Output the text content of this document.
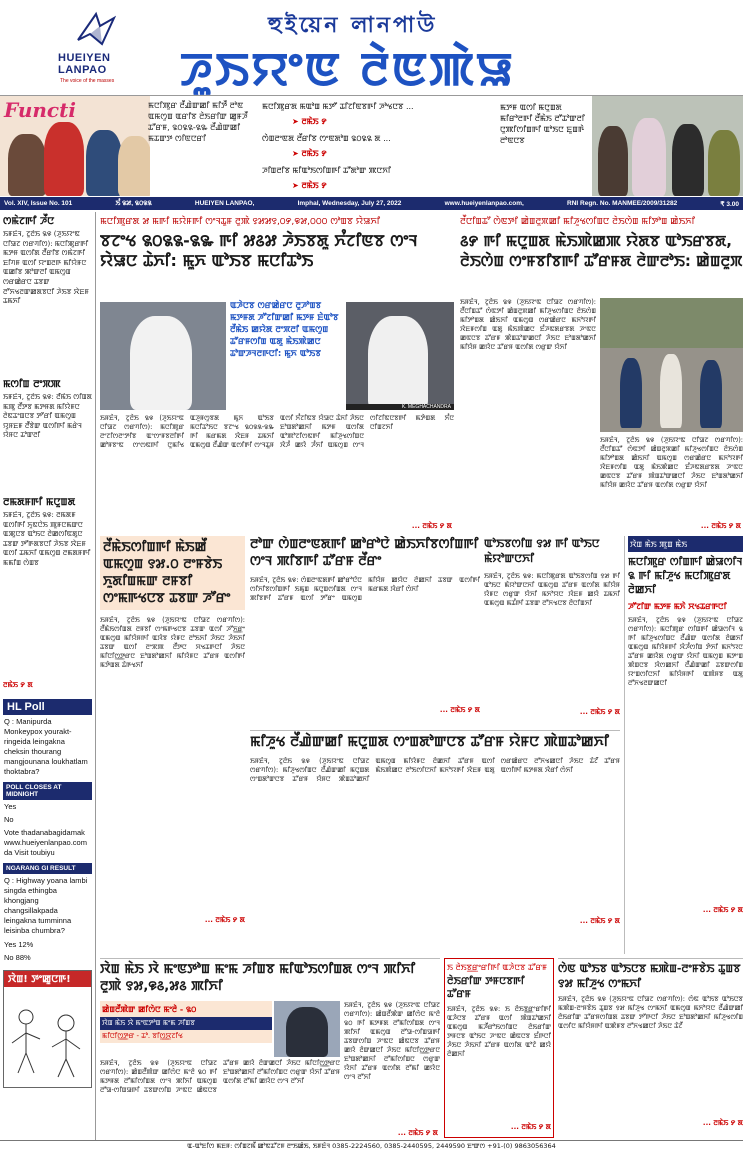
HUEIYEN
LANPAO
The voice of the masses
হুইয়েন লানপাউ
ꯍꯨꯏꯌꯦꯟ ꯂꯥꯟꯄꯥꯎ
Functi	ꯃꯅꯤꯄꯨꯔ ꯂꯩꯉꯥꯛꯀꯤ ꯃꯤꯇꯩ ꯂꯣꯟ ꯑꯃꯁꯨꯡ ꯑꯔꯤꯕ ꯂꯥꯏꯔꯤꯛ ꯀꯨꯝꯍꯩ ꯊꯧꯔꯝ, ꯲꯰꯲꯲-꯲꯳ ꯂꯩꯉꯥꯛꯀꯤ ꯃꯊꯛꯇ ꯁꯤꯟꯅꯔꯤ
ꯃꯅꯤꯄꯨꯔꯗ ꯃꯑꯣꯡ ꯃꯇꯧ ꯊꯤꯖꯤꯟꯕꯒꯤ ꯍꯣꯠꯅꯕ ...
➤ ꯂꯃꯥꯏ ꯸
ꯁꯥꯡꯂꯦꯟꯗ ꯂꯩꯔꯤꯕ ꯁꯦꯟꯗꯣꯡ ꯲꯰꯲꯲ ꯗ ...
➤ ꯂꯃꯥꯏ ꯸
ꯍꯤꯡꯂꯤꯕ ꯃꯤꯑꯣꯏꯁꯤꯡꯒꯤ ꯊꯧꯗꯣꯛ ꯄꯅꯈꯤ
➤ ꯂꯃꯥꯏ ꯸
ꯃꯇꯝ ꯑꯁꯤ ꯃꯅꯨꯡꯗ ꯃꯤꯔꯣꯂꯒꯤ ꯂꯩꯃꯥꯏ ꯂꯧꯊꯣꯛꯂꯤ ꯅꯨꯄꯤꯁꯤꯡꯒꯤ ꯑꯣꯏꯅ ꯐꯨꯡꯒꯥ ꯂꯣꯟꯅꯕ
Vol. XIV, Issue No. 101	ꯏꯪ ꯲꯷, ꯲꯰꯲꯲	HUEIYEN LANPAO,	Imphal, Wednesday, July 27, 2022	www.hueiyenlanpao.com,	RNI Regn. No. MANMEE/2009/31282	₹ 3.00
ꯁꯃꯥꯖꯒꯤ ꯍꯩꯅ
ꯏꯝꯐꯥꯜ, ꯖꯨꯂꯥꯏ ꯲꯶ (ꯍꯨꯏꯌꯦꯟ ꯅꯤꯎꯖ ꯁꯔꯚꯤꯁ): ꯃꯅꯤꯄꯨꯔꯒꯤ ꯃꯇꯝ ꯑꯁꯤꯗ ꯂꯩꯔꯤꯕ ꯁꯃꯥꯖꯒꯤ ꯐꯤꯚꯝ ꯑꯁꯤ ꯌꯦꯡꯂꯒ ꯃꯤꯌꯥꯝꯅ ꯑꯀꯤꯕ ꯄꯣꯛꯂꯤ ꯑꯃꯁꯨꯡ ꯁꯔꯀꯥꯔꯅ ꯊꯕꯛ ꯂꯧꯈꯠꯂꯛꯀꯗꯕꯅꯤ ꯍꯥꯏꯕ ꯋꯥꯐꯝ ꯊꯃꯈꯤ
ꯃꯁꯤꯡ ꯂꯦꯞꯄ
ꯏꯝꯐꯥꯜ, ꯖꯨꯂꯥꯏ ꯲꯶: ꯂꯩꯃꯥꯏ ꯁꯤꯡꯗ ꯃꯄꯨ ꯂꯩꯇꯕ ꯃꯇꯝꯗ ꯃꯤꯌꯥꯝꯅ ꯂꯥꯟꯊꯦꯡꯅꯕ ꯇꯧꯔꯤ ꯑꯃꯁꯨꯡ ꯌꯨꯝꯐꯝ ꯂꯩꯕꯥꯛ ꯑꯁꯤꯒꯤ ꯃꯔꯥꯜ ꯌꯥꯝꯅ ꯊꯣꯛꯂꯤ
ꯂꯃꯗꯝꯒꯤ ꯃꯅꯨꯡꯗ
ꯏꯝꯐꯥꯜ, ꯖꯨꯂꯥꯏ ꯲꯶: ꯂꯃꯗꯝ ꯑꯁꯤꯒꯤ ꯈꯨꯟꯅꯥꯏ ꯄꯨꯝꯅꯃꯛꯅ ꯑꯄꯨꯅꯕ ꯑꯣꯏꯅ ꯂꯥꯀꯁꯤꯟꯗꯨꯅ ꯊꯕꯛ ꯇꯧꯒꯗꯕꯅꯤ ꯍꯥꯏꯕ ꯋꯥꯐꯝ ꯑꯁꯤ ꯊꯃꯈꯤ ꯑꯃꯁꯨꯡ ꯂꯃꯗꯝꯒꯤ ꯃꯃꯤꯡ ꯁꯥꯡꯕ
ꯂꯃꯥꯏ ꯸ ꯗ
HL Poll
Q : Manipurda Monkeypox yourakt-ringeida leingakna cheksin thourang mangjounana loukhatlam thoktabra?
POLL CLOSES AT MIDNIGHT
Yes
No
Vote thadanabagidamak www.hueiyenlanpao.com da Visit toubiyu
NGARANG GI RESULT
Q : Highway yoana lambi singda ethingba khongjang changsillakpada leingakna tumminna leisinba chumbra?
Yes 12%
No 88%
ꯋꯥꯡ! ꯇꯦꯀꯨꯅꯒ!
ꯃꯅꯤꯄꯨꯔꯗ ꯷ ꯃꯒꯤ ꯃꯌꯥꯝꯒꯤ ꯁꯦꯜꯊꯨꯝ ꯂꯨꯄꯥ ꯱꯷꯷꯱,꯰꯸,꯶꯷,꯰꯰꯰ ꯁꯣꯡꯕ ꯌꯥꯎꯈꯤ
ꯕꯖꯦꯠ ꯲꯰꯲꯲-꯲꯳ ꯒꯤ ꯷꯴꯷ ꯍꯥꯏꯕꯗꯨ ꯈꯪꯖꯤꯟꯕ ꯁꯦꯜ ꯌꯥꯎꯅ ꯊꯥꯈꯤ: ꯃꯨꯈ ꯑꯣꯏꯕ ꯃꯅꯤꯊꯣꯏ
ꯑꯍꯥꯅꯕ ꯁꯔꯀꯥꯔꯅ ꯂꯨꯍꯣꯡꯕ ꯃꯇꯝꯗ ꯍꯧꯖꯤꯛꯀꯤ ꯃꯇꯝ ꯐꯥꯑꯣꯕ ꯂꯩꯃꯥꯏ ꯀꯌꯥꯗ ꯂꯦꯞꯂꯤ ꯑꯃꯁꯨꯡ ꯊꯧꯔꯝꯁꯤꯡ ꯑꯗꯨ ꯃꯥꯏꯄꯥꯀꯅ ꯊꯣꯛꯍꯜꯂꯒꯅꯤ: ꯃꯨꯈ ꯑꯣꯏꯕ
K. MEGHACHANDRA
ꯏꯝꯐꯥꯜ, ꯖꯨꯂꯥꯏ ꯲꯶ (ꯍꯨꯏꯌꯦꯟ ꯅꯤꯎꯖ ꯁꯔꯚꯤꯁ): ꯃꯅꯤꯄꯨꯔ ꯂꯦꯖꯤꯁꯂꯦꯇꯤꯕ ꯑꯦꯁꯦꯝꯕꯂꯤꯒꯤ ꯀꯣꯝꯕꯦꯟ ꯁꯦꯁꯟꯒꯤ ꯅꯨꯃꯤꯠ ꯑꯍꯨꯝꯁꯨꯕꯗ ꯃꯨꯈ ꯑꯣꯏꯕ ꯃꯅꯤꯊꯣꯏꯅ ꯕꯖꯦꯠ ꯲꯰꯲꯲-꯲꯳ ꯒꯤ ꯃꯔꯃꯗ ꯋꯥꯐꯝ ꯊꯃꯈꯤ ꯑꯃꯁꯨꯡ ꯂꯩꯉꯥꯛ ꯑꯁꯤꯒꯤ ꯁꯦꯜꯊꯨꯝ ꯑꯁꯤ ꯈꯪꯖꯤꯟꯕ ꯌꯥꯎꯅ ꯊꯥꯈꯤ ꯍꯥꯏꯅ ꯐꯣꯡꯗꯣꯀꯈꯤ ꯃꯇꯝ ꯑꯁꯤꯗ ꯑꯣꯄꯣꯖꯤꯁꯟꯒꯤ ꯃꯤꯍꯨꯠꯁꯤꯡꯅ ꯋꯥꯍꯪ ꯀꯌꯥ ꯍꯪꯈꯤ ꯑꯃꯁꯨꯡ ꯁꯦꯜ ꯁꯤꯖꯤꯟꯅꯕꯒꯤ ꯃꯇꯥꯡꯗ ꯈꯪꯅ ꯅꯤꯡꯖꯈꯤ
... ꯂꯃꯥꯏ ꯸ ꯗ
ꯂꯩꯅꯤꯡꯊꯧ ꯁꯥꯟꯇꯤ ꯀꯥꯡꯂꯨꯞꯀꯤ ꯃꯤꯍꯨꯠꯁꯤꯡꯅ ꯂꯥꯏꯁꯥꯡ ꯃꯤꯇꯣꯡ ꯀꯥꯏꯈꯤ
꯴꯸ ꯒꯤ ꯃꯅꯨꯡꯗ ꯃꯥꯏꯄꯥꯀꯄ ꯌꯥꯗꯕ ꯑꯣꯏꯔꯕꯗ, ꯂꯥꯏꯁꯥꯡ ꯁꯦꯝꯕꯤꯕꯒꯤ ꯊꯧꯔꯝꯗ ꯂꯥꯛꯂꯣꯏ: ꯀꯥꯡꯂꯨꯞ
ꯏꯝꯐꯥꯜ, ꯖꯨꯂꯥꯏ ꯲꯶ (ꯍꯨꯏꯌꯦꯟ ꯅꯤꯎꯖ ꯁꯔꯚꯤꯁ): ꯂꯩꯅꯤꯡꯊꯧ ꯁꯥꯟꯇꯤ ꯀꯥꯡꯂꯨꯞꯀꯤ ꯃꯤꯍꯨꯠꯁꯤꯡꯅ ꯂꯥꯏꯁꯥꯡ ꯃꯤꯇꯣꯡꯗ ꯀꯥꯏꯈꯤ ꯑꯃꯁꯨꯡ ꯁꯔꯀꯥꯔꯅ ꯃꯈꯣꯌꯒꯤ ꯋꯥꯐꯝꯁꯤꯡ ꯑꯗꯨ ꯃꯥꯏꯄꯥꯀꯅ ꯐꯪꯍꯟꯗꯔꯕꯗ ꯍꯦꯟꯅ ꯀꯟꯅꯕ ꯊꯧꯔꯝ ꯄꯥꯡꯊꯣꯛꯀꯅꯤ ꯍꯥꯏꯅ ꯐꯣꯡꯗꯣꯀꯈꯤ ꯃꯤꯌꯥꯝ ꯀꯌꯥꯅ ꯊꯧꯔꯝ ꯑꯁꯤꯗ ꯁꯔꯨꯛ ꯌꯥꯈꯤ
ꯏꯝꯐꯥꯜ, ꯖꯨꯂꯥꯏ ꯲꯶ (ꯍꯨꯏꯌꯦꯟ ꯅꯤꯎꯖ ꯁꯔꯚꯤꯁ): ꯂꯩꯅꯤꯡꯊꯧ ꯁꯥꯟꯇꯤ ꯀꯥꯡꯂꯨꯞꯀꯤ ꯃꯤꯍꯨꯠꯁꯤꯡꯅ ꯂꯥꯏꯁꯥꯡ ꯃꯤꯇꯣꯡꯗ ꯀꯥꯏꯈꯤ ꯑꯃꯁꯨꯡ ꯁꯔꯀꯥꯔꯅ ꯃꯈꯣꯌꯒꯤ ꯋꯥꯐꯝꯁꯤꯡ ꯑꯗꯨ ꯃꯥꯏꯄꯥꯀꯅ ꯐꯪꯍꯟꯗꯔꯕꯗ ꯍꯦꯟꯅ ꯀꯟꯅꯕ ꯊꯧꯔꯝ ꯄꯥꯡꯊꯣꯛꯀꯅꯤ ꯍꯥꯏꯅ ꯐꯣꯡꯗꯣꯀꯈꯤ ꯃꯤꯌꯥꯝ ꯀꯌꯥꯅ ꯊꯧꯔꯝ ꯑꯁꯤꯗ ꯁꯔꯨꯛ ꯌꯥꯈꯤ
... ꯂꯃꯥꯏ ꯸ ꯗ
ꯂꯩꯃꯥꯏꯁꯤꯡꯒꯤ ꯃꯥꯏꯀꯩ ꯑꯃꯁꯨꯡ ꯱꯷.꯰ ꯂꯦꯝꯕꯥꯏ ꯈꯨꯗꯤꯡꯃꯛ ꯂꯝꯕꯤ ꯁꯦꯃꯒꯠꯅꯕ ꯊꯕꯛ ꯍꯧꯔꯦ
ꯏꯝꯐꯥꯜ, ꯖꯨꯂꯥꯏ ꯲꯶ (ꯍꯨꯏꯌꯦꯟ ꯅꯤꯎꯖ ꯁꯔꯚꯤꯁ): ꯂꯩꯃꯥꯏꯁꯤꯡꯗ ꯂꯝꯕꯤ ꯁꯦꯃꯒꯠꯅꯕ ꯊꯕꯛ ꯑꯁꯤ ꯍꯧꯈ꯭ꯔꯦ ꯑꯃꯁꯨꯡ ꯃꯤꯌꯥꯝꯒꯤ ꯑꯋꯥꯕ ꯌꯥꯝꯅ ꯂꯣꯏꯈꯤ ꯍꯥꯏꯅ ꯍꯥꯏꯈꯤ ꯊꯕꯛ ꯑꯁꯤ ꯂꯦꯞꯄ ꯂꯩꯇꯅ ꯆꯠꯊꯒꯅꯤ ꯍꯥꯏꯅ ꯃꯤꯅꯤꯁ꯭ꯇꯔꯅ ꯐꯣꯡꯗꯣꯀꯈꯤ ꯃꯤꯌꯥꯝꯅ ꯊꯧꯔꯝ ꯑꯁꯤꯒꯤ ꯃꯇꯥꯡꯗ ꯊꯥꯒꯠꯈꯤ
... ꯂꯃꯥꯏ ꯸ ꯗ
ꯂꯣꯛ ꯁꯥꯡꯂꯦꯟꯗꯒꯤ ꯀꯣꯔꯣꯅꯥ ꯀꯥꯏꯈꯤꯕꯁꯤꯡꯒꯤ ꯁꯦꯜ ꯄꯤꯕꯒꯤ ꯊꯧꯔꯝ ꯂꯩꯔꯦ
ꯏꯝꯐꯥꯜ, ꯖꯨꯂꯥꯏ ꯲꯶: ꯁꯥꯡꯂꯦꯟꯗꯒꯤ ꯀꯣꯔꯣꯅꯥꯅ ꯁꯤꯈꯤꯕꯁꯤꯡꯒꯤ ꯏꯃꯨꯡ ꯃꯅꯨꯡꯁꯤꯡꯗ ꯁꯦꯜ ꯄꯤꯕꯒꯤ ꯊꯧꯔꯝ ꯑꯁꯤ ꯇꯧꯔꯦ ꯑꯃꯁꯨꯡ ꯃꯤꯌꯥꯝ ꯀꯌꯥꯅ ꯂꯥꯀꯈꯤ ꯊꯕꯛ ꯑꯁꯤꯒꯤ ꯃꯔꯃꯗ ꯋꯥꯔꯤ ꯁꯥꯈꯤ
... ꯂꯃꯥꯏ ꯸ ꯗ
ꯑꯣꯏꯕꯁꯤꯡ ꯱꯷ ꯒꯤ ꯑꯣꯏꯅ ꯃꯥꯌꯣꯛꯅꯈꯤ
ꯏꯝꯐꯥꯜ, ꯖꯨꯂꯥꯏ ꯲꯶: ꯃꯅꯤꯄꯨꯔꯗ ꯑꯣꯏꯕꯁꯤꯡ ꯱꯷ ꯒꯤ ꯑꯣꯏꯅ ꯃꯥꯌꯣꯛꯅꯈꯤ ꯑꯃꯁꯨꯡ ꯊꯧꯔꯝ ꯑꯁꯤꯗ ꯃꯤꯌꯥꯝ ꯌꯥꯝꯅ ꯁꯔꯨꯛ ꯌꯥꯈꯤ ꯃꯈꯣꯌꯅ ꯋꯥꯐꯝ ꯀꯌꯥ ꯊꯃꯈꯤ ꯑꯃꯁꯨꯡ ꯃꯊꯪꯒꯤ ꯊꯕꯛ ꯂꯧꯈꯠꯅꯕ ꯂꯥꯅꯤꯡꯈꯤ
... ꯂꯃꯥꯏ ꯸ ꯗ
ꯋꯥꯡ ꯃꯥꯏ ꯄꯨꯡ ꯃꯥꯏ
ꯃꯅꯤꯄꯨꯔ ꯁꯤꯡꯒꯤ ꯀꯥꯎꯁꯤꯜ ꯲ ꯒꯤ ꯃꯤꯍꯨꯠ ꯃꯅꯤꯄꯨꯔꯗ ꯂꯥꯀꯈꯤ
ꯍꯧꯖꯤꯛ ꯃꯇꯝ ꯃꯈꯥ ꯆꯠꯊꯔꯒꯅꯤ
ꯏꯝꯐꯥꯜ, ꯖꯨꯂꯥꯏ ꯲꯶ (ꯍꯨꯏꯌꯦꯟ ꯅꯤꯎꯖ ꯁꯔꯚꯤꯁ): ꯃꯅꯤꯄꯨꯔ ꯁꯤꯡꯒꯤ ꯀꯥꯎꯁꯤꯜ ꯲ ꯒꯤ ꯃꯤꯍꯨꯠꯁꯤꯡꯅ ꯂꯩꯉꯥꯛ ꯑꯁꯤꯗ ꯂꯥꯀꯈꯤ ꯑꯃꯁꯨꯡ ꯃꯤꯌꯥꯝꯒꯤ ꯋꯥꯍꯪꯁꯤꯡ ꯇꯥꯈꯤ ꯃꯈꯣꯌꯅ ꯊꯧꯔꯝ ꯀꯌꯥꯗ ꯁꯔꯨꯛ ꯌꯥꯈꯤ ꯑꯃꯁꯨꯡ ꯃꯇꯦꯡ ꯄꯥꯡꯅꯕ ꯋꯥꯁꯀꯈꯤ ꯂꯩꯉꯥꯛꯀꯤ ꯊꯕꯛꯁꯤꯡ ꯌꯦꯡꯁꯤꯅꯈꯤ ꯃꯤꯌꯥꯝꯒꯤ ꯑꯄꯥꯝꯕ ꯑꯗꯨ ꯂꯧꯈꯠꯂꯛꯀꯅꯤ
... ꯂꯃꯥꯏ ꯸ ꯗ
ꯃꯤꯍꯨꯠ ꯂꯩꯉꯥꯛꯀꯤ ꯃꯅꯨꯡꯗ ꯁꯦꯡꯗꯣꯛꯅꯕ ꯊꯧꯔꯝ ꯌꯥꯝꯅ ꯄꯥꯡꯊꯣꯀꯈꯤ
ꯏꯝꯐꯥꯜ, ꯖꯨꯂꯥꯏ ꯲꯶ (ꯍꯨꯏꯌꯦꯟ ꯅꯤꯎꯖ ꯁꯔꯚꯤꯁ): ꯃꯤꯍꯨꯠꯁꯤꯡꯅ ꯂꯩꯉꯥꯛꯀꯤ ꯃꯅꯨꯡꯗ ꯁꯦꯡꯗꯣꯛꯅꯕ ꯊꯧꯔꯝ ꯌꯥꯝꯅ ꯄꯥꯡꯊꯣꯀꯈꯤ ꯑꯃꯁꯨꯡ ꯃꯤꯌꯥꯝꯅ ꯂꯥꯀꯈꯤ ꯊꯧꯔꯝ ꯑꯁꯤ ꯃꯥꯏꯄꯥꯀꯅ ꯂꯣꯏꯁꯤꯅꯈꯤ ꯃꯈꯣꯌꯒꯤ ꯋꯥꯐꯝ ꯑꯗꯨ ꯁꯔꯀꯥꯔꯅ ꯂꯧꯈꯠꯀꯅꯤ ꯍꯥꯏꯅ ꯊꯥꯖꯩ ꯊꯧꯔꯝ ꯑꯁꯤꯒꯤ ꯃꯇꯝꯗ ꯋꯥꯔꯤ ꯁꯥꯈꯤ
... ꯂꯃꯥꯏ ꯸ ꯗ
ꯋꯥꯡ ꯃꯥꯏ ꯋꯥ ꯃꯦꯟꯇꯣꯡ ꯃꯦꯃ ꯍꯤꯡꯕ ꯃꯤꯑꯣꯏꯁꯤꯡꯗ ꯁꯦꯜ ꯄꯤꯈꯤ ꯂꯨꯄꯥ ꯱꯷,꯶꯴,꯷꯴ ꯄꯤꯈꯤ
ꯀꯥꯡꯂꯩꯄꯥꯛ ꯀꯤꯁꯥꯅ ꯃꯦꯂꯥ - ꯲꯰
ꯋꯥꯡ ꯃꯥꯏ ꯋꯥ ꯃꯦꯟꯇꯣꯡ ꯃꯦꯃ ꯍꯤꯡꯕ
ꯃꯤꯅꯤꯁ꯭ꯇꯔ - ꯊꯣ. ꯕꯤꯁ꯭ꯋꯖꯤꯠ
ꯏꯝꯐꯥꯜ, ꯖꯨꯂꯥꯏ ꯲꯶ (ꯍꯨꯏꯌꯦꯟ ꯅꯤꯎꯖ ꯁꯔꯚꯤꯁ): ꯀꯥꯡꯂꯩꯄꯥꯛ ꯀꯤꯁꯥꯅ ꯃꯦꯂꯥ ꯲꯰ ꯒꯤ ꯃꯇꯝꯗ ꯂꯧꯃꯤꯁꯤꯡꯗ ꯁꯦꯜ ꯄꯤꯈꯤ ꯑꯃꯁꯨꯡ ꯂꯧꯎ-ꯁꯤꯡꯎꯒꯤ ꯊꯕꯛꯁꯤꯡ ꯍꯦꯟꯅ ꯀꯥꯟꯅꯕ ꯊꯧꯔꯝ ꯀꯌꯥ ꯂꯥꯛꯀꯅꯤ ꯍꯥꯏꯅ ꯃꯤꯅꯤꯁ꯭ꯇꯔꯅ ꯐꯣꯡꯗꯣꯀꯈꯤ ꯂꯧꯃꯤꯁꯤꯡꯅ ꯁꯔꯨꯛ ꯌꯥꯈꯤ ꯊꯧꯔꯝ ꯑꯁꯤꯗ ꯂꯧꯃꯤ ꯀꯌꯥꯅ ꯁꯦꯜ ꯂꯧꯈꯤ
ꯏꯝꯐꯥꯜ, ꯖꯨꯂꯥꯏ ꯲꯶ (ꯍꯨꯏꯌꯦꯟ ꯅꯤꯎꯖ ꯁꯔꯚꯤꯁ): ꯀꯥꯡꯂꯩꯄꯥꯛ ꯀꯤꯁꯥꯅ ꯃꯦꯂꯥ ꯲꯰ ꯒꯤ ꯃꯇꯝꯗ ꯂꯧꯃꯤꯁꯤꯡꯗ ꯁꯦꯜ ꯄꯤꯈꯤ ꯑꯃꯁꯨꯡ ꯂꯧꯎ-ꯁꯤꯡꯎꯒꯤ ꯊꯕꯛꯁꯤꯡ ꯍꯦꯟꯅ ꯀꯥꯟꯅꯕ ꯊꯧꯔꯝ ꯀꯌꯥ ꯂꯥꯛꯀꯅꯤ ꯍꯥꯏꯅ ꯃꯤꯅꯤꯁ꯭ꯇꯔꯅ ꯐꯣꯡꯗꯣꯀꯈꯤ ꯂꯧꯃꯤꯁꯤꯡꯅ ꯁꯔꯨꯛ ꯌꯥꯈꯤ ꯊꯧꯔꯝ ꯑꯁꯤꯗ ꯂꯧꯃꯤ ꯀꯌꯥꯅ ꯁꯦꯜ ꯂꯧꯈꯤ
... ꯂꯃꯥꯏ ꯸ ꯗ
ꯏ ꯂꯥꯏꯕ꯭ꯔꯦꯔꯤꯒꯤ ꯑꯍꯥꯅꯕ ꯊꯧꯔꯝ
ꯂꯥꯏꯔꯤꯛ ꯇꯝꯅꯕꯒꯤ ꯊꯧꯔꯝ
ꯏꯝꯐꯥꯜ, ꯖꯨꯂꯥꯏ ꯲꯶: ꯏ ꯂꯥꯏꯕ꯭ꯔꯦꯔꯤꯒꯤ ꯑꯍꯥꯅꯕ ꯊꯧꯔꯝ ꯑꯁꯤ ꯄꯥꯡꯊꯣꯀꯈꯤ ꯑꯃꯁꯨꯡ ꯃꯍꯩꯔꯣꯏꯁꯤꯡꯅ ꯂꯥꯏꯔꯤꯛ ꯇꯝꯅꯕ ꯑꯣꯏꯅ ꯍꯦꯟꯅ ꯀꯥꯟꯅꯕ ꯐꯪꯒꯅꯤ ꯍꯥꯏꯅ ꯍꯥꯏꯈꯤ ꯊꯧꯔꯝ ꯑꯁꯤꯗ ꯑꯣꯖꯥ ꯀꯌꯥ ꯂꯥꯀꯈꯤ
... ꯂꯃꯥꯏ ꯸ ꯗ
ꯁꯥꯟ ꯑꯣꯏꯕ ꯑꯣꯏꯅꯕ ꯃꯄꯥꯡ-ꯂꯦꯝꯕꯥꯏ ꯊꯨꯡꯕ ꯱꯷ ꯃꯤꯍꯨꯠ ꯁꯦꯃꯈꯤ
ꯏꯝꯐꯥꯜ, ꯖꯨꯂꯥꯏ ꯲꯶ (ꯍꯨꯏꯌꯦꯟ ꯅꯤꯎꯖ ꯁꯔꯚꯤꯁ): ꯁꯥꯟ ꯑꯣꯏꯕ ꯑꯣꯏꯅꯕ ꯃꯄꯥꯡ-ꯂꯦꯝꯕꯥꯏ ꯊꯨꯡꯕ ꯱꯷ ꯃꯤꯍꯨꯠ ꯁꯦꯃꯈꯤ ꯑꯃꯁꯨꯡ ꯃꯈꯣꯌꯅ ꯂꯩꯉꯥꯛꯀꯤ ꯂꯥꯏꯔꯤꯛ ꯊꯧꯔꯝꯁꯤꯡꯗ ꯊꯕꯛ ꯇꯧꯒꯅꯤ ꯍꯥꯏꯅ ꯐꯣꯡꯗꯣꯀꯈꯤ ꯃꯤꯍꯨꯠꯁꯤꯡ ꯑꯁꯤꯅ ꯃꯤꯌꯥꯝꯒꯤ ꯑꯄꯥꯝꯕ ꯂꯧꯈꯠꯀꯅꯤ ꯍꯥꯏꯅ ꯊꯥꯖꯩ
... ꯂꯃꯥꯏ ꯸ ꯗ
ꯑ-ꯑꯣꯐꯤꯁ ꯃꯐꯝ: ꯁꯤꯡꯖꯃꯩ ꯀꯣꯟꯊꯧꯖꯝ ꯂꯦꯏꯀꯥꯏ, ꯏꯝꯐꯥꯜ 0385-2224560, 0385-2440595, 2449590 ꯐꯦꯛꯁ +91-(0) 9863056364
